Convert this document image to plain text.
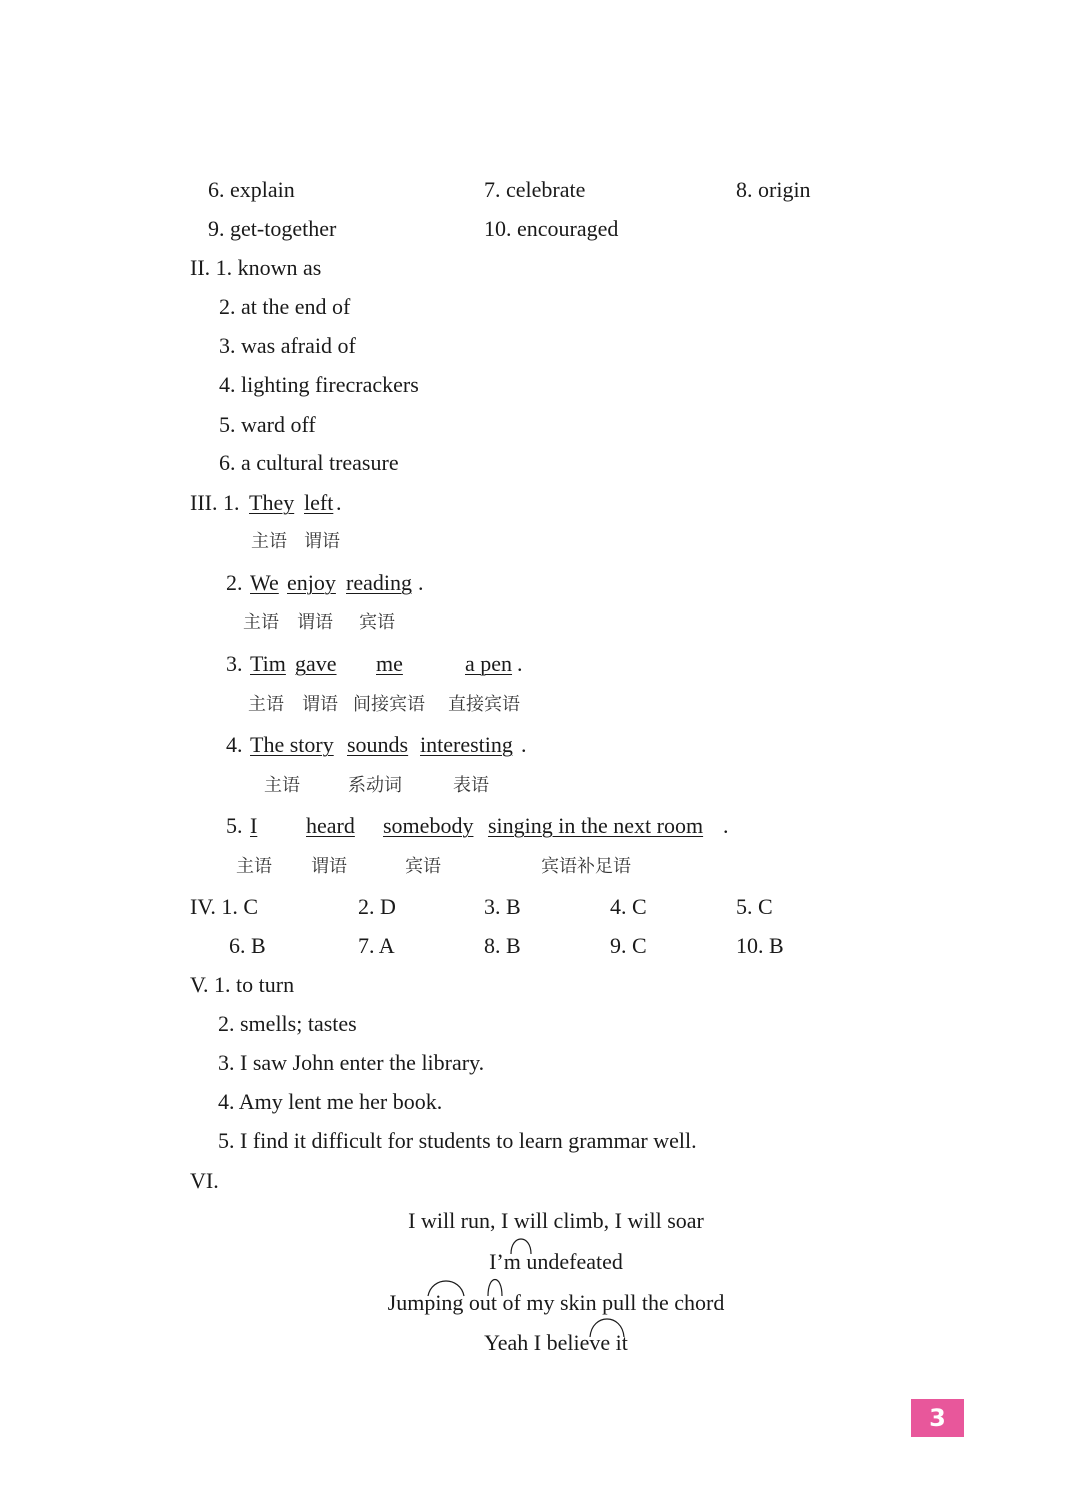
6. explain	7. celebrate	8. origin
9. get-together	10. encouraged
II. 1. known as
2. at the end of
3. was afraid of
4. lighting firecrackers
5. ward off
6. a cultural treasure
III. 1. They left .
主语 谓语
2. We enjoy reading .
主语 谓语 宾语
3. Tim gave me	a pen .
主语 谓语 间接宾语 直接宾语
4. The story sounds interesting .
主语	系动词	表语
5. I heard somebody singing in the next room .
主语 谓语	宾语	宾语补足语
IV. 1. C	2. D	3. B	4. C	5. C
6. B	7. A	8. B	9. C	10. B
V. 1. to turn
2. smells; tastes
3. I saw John enter the library.
4. Amy lent me her book.
5. I find it difficult for students to learn grammar well.
VI.
I will run, I will climb, I will soar
I’m undefeated
Jumping out of my skin pull the chord
Yeah I believe it
3
